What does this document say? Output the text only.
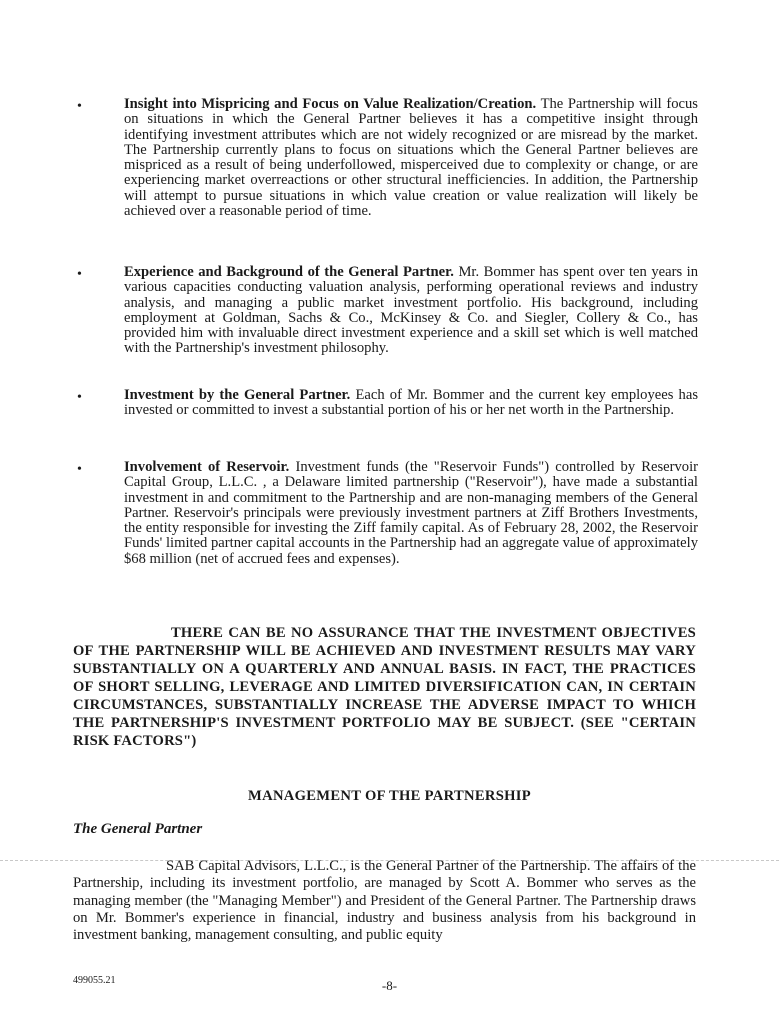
•	Insight into Mispricing and Focus on Value Realization/Creation. The Partnership will focus on situations in which the General Partner believes it has a competitive insight through identifying investment attributes which are not widely recognized or are misread by the market. The Partnership currently plans to focus on situations which the General Partner believes are mispriced as a result of being underfollowed, misperceived due to complexity or change, or are experiencing market overreactions or other structural inefficiencies. In addition, the Partnership will attempt to pursue situations in which value creation or value realization will likely be achieved over a reasonable period of time.
•	Experience and Background of the General Partner. Mr. Bommer has spent over ten years in various capacities conducting valuation analysis, performing operational reviews and industry analysis, and managing a public market investment portfolio. His background, including employment at Goldman, Sachs & Co., McKinsey & Co. and Siegler, Collery & Co., has provided him with invaluable direct investment experience and a skill set which is well matched with the Partnership's investment philosophy.
•	Investment by the General Partner. Each of Mr. Bommer and the current key employees has invested or committed to invest a substantial portion of his or her net worth in the Partnership.
•	Involvement of Reservoir. Investment funds (the "Reservoir Funds") controlled by Reservoir Capital Group, L.L.C. , a Delaware limited partnership ("Reservoir"), have made a substantial investment in and commitment to the Partnership and are non-managing members of the General Partner. Reservoir's principals were previously investment partners at Ziff Brothers Investments, the entity responsible for investing the Ziff family capital. As of February 28, 2002, the Reservoir Funds' limited partner capital accounts in the Partnership had an aggregate value of approximately $68 million (net of accrued fees and expenses).
THERE CAN BE NO ASSURANCE THAT THE INVESTMENT OBJECTIVES OF THE PARTNERSHIP WILL BE ACHIEVED AND INVESTMENT RESULTS MAY VARY SUBSTANTIALLY ON A QUARTERLY AND ANNUAL BASIS. IN FACT, THE PRACTICES OF SHORT SELLING, LEVERAGE AND LIMITED DIVERSIFICATION CAN, IN CERTAIN CIRCUMSTANCES, SUBSTANTIALLY INCREASE THE ADVERSE IMPACT TO WHICH THE PARTNERSHIP'S INVESTMENT PORTFOLIO MAY BE SUBJECT. (SEE "CERTAIN RISK FACTORS")
MANAGEMENT OF THE PARTNERSHIP
The General Partner
SAB Capital Advisors, L.L.C., is the General Partner of the Partnership. The affairs of the Partnership, including its investment portfolio, are managed by Scott A. Bommer who serves as the managing member (the "Managing Member") and President of the General Partner. The Partnership draws on Mr. Bommer's experience in financial, industry and business analysis from his background in investment banking, management consulting, and public equity
499055.21	-8-
